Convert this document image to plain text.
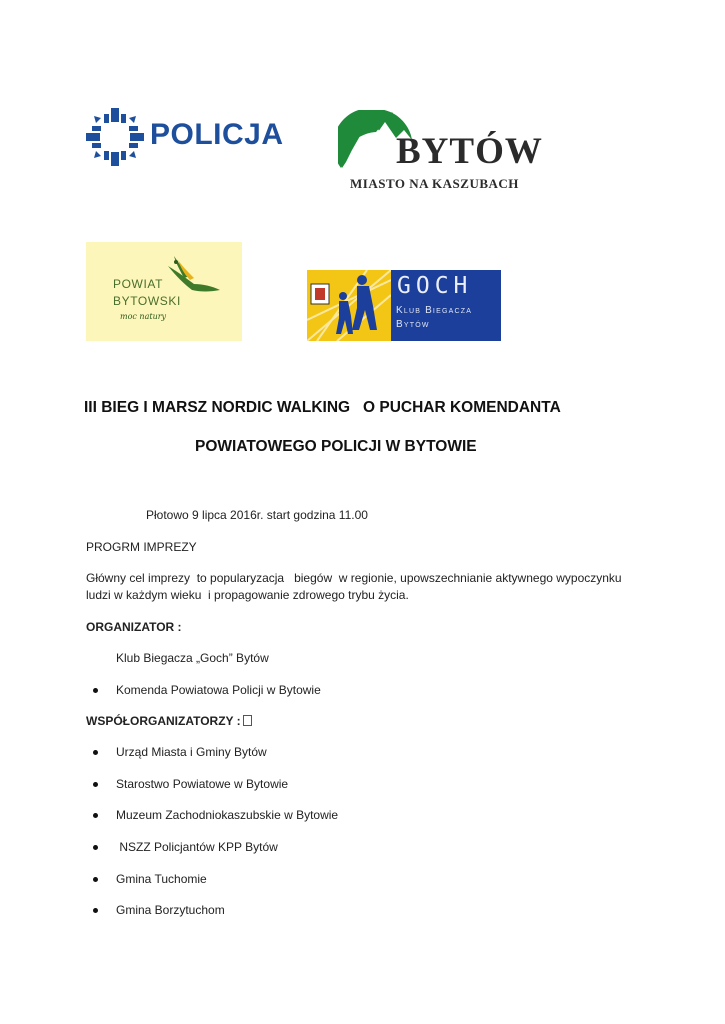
POLICJA	BYTÓW
MIASTO NA KASZUBACH
POWIAT
BYTOWSKI
moc natury
GOCH
Klub Biegacza
Bytów
III BIEG I MARSZ NORDIC WALKING   O PUCHAR KOMENDANTA
POWIATOWEGO POLICJI W BYTOWIE
Płotowo 9 lipca 2016r. start godzina 11.00
PROGRM IMPREZY
Główny cel imprezy  to popularyzacja   biegów  w regionie, upowszechnianie aktywnego wypoczynku
ludzi w każdym wieku  i propagowanie zdrowego trybu życia.
ORGANIZATOR :
Klub Biegacza „Goch” Bytów
Komenda Powiatowa Policji w Bytowie
WSPÓŁORGANIZATORZY :
Urząd Miasta i Gminy Bytów
Starostwo Powiatowe w Bytowie
Muzeum Zachodniokaszubskie w Bytowie
NSZZ Policjantów KPP Bytów
Gmina Tuchomie
Gmina Borzytuchom
